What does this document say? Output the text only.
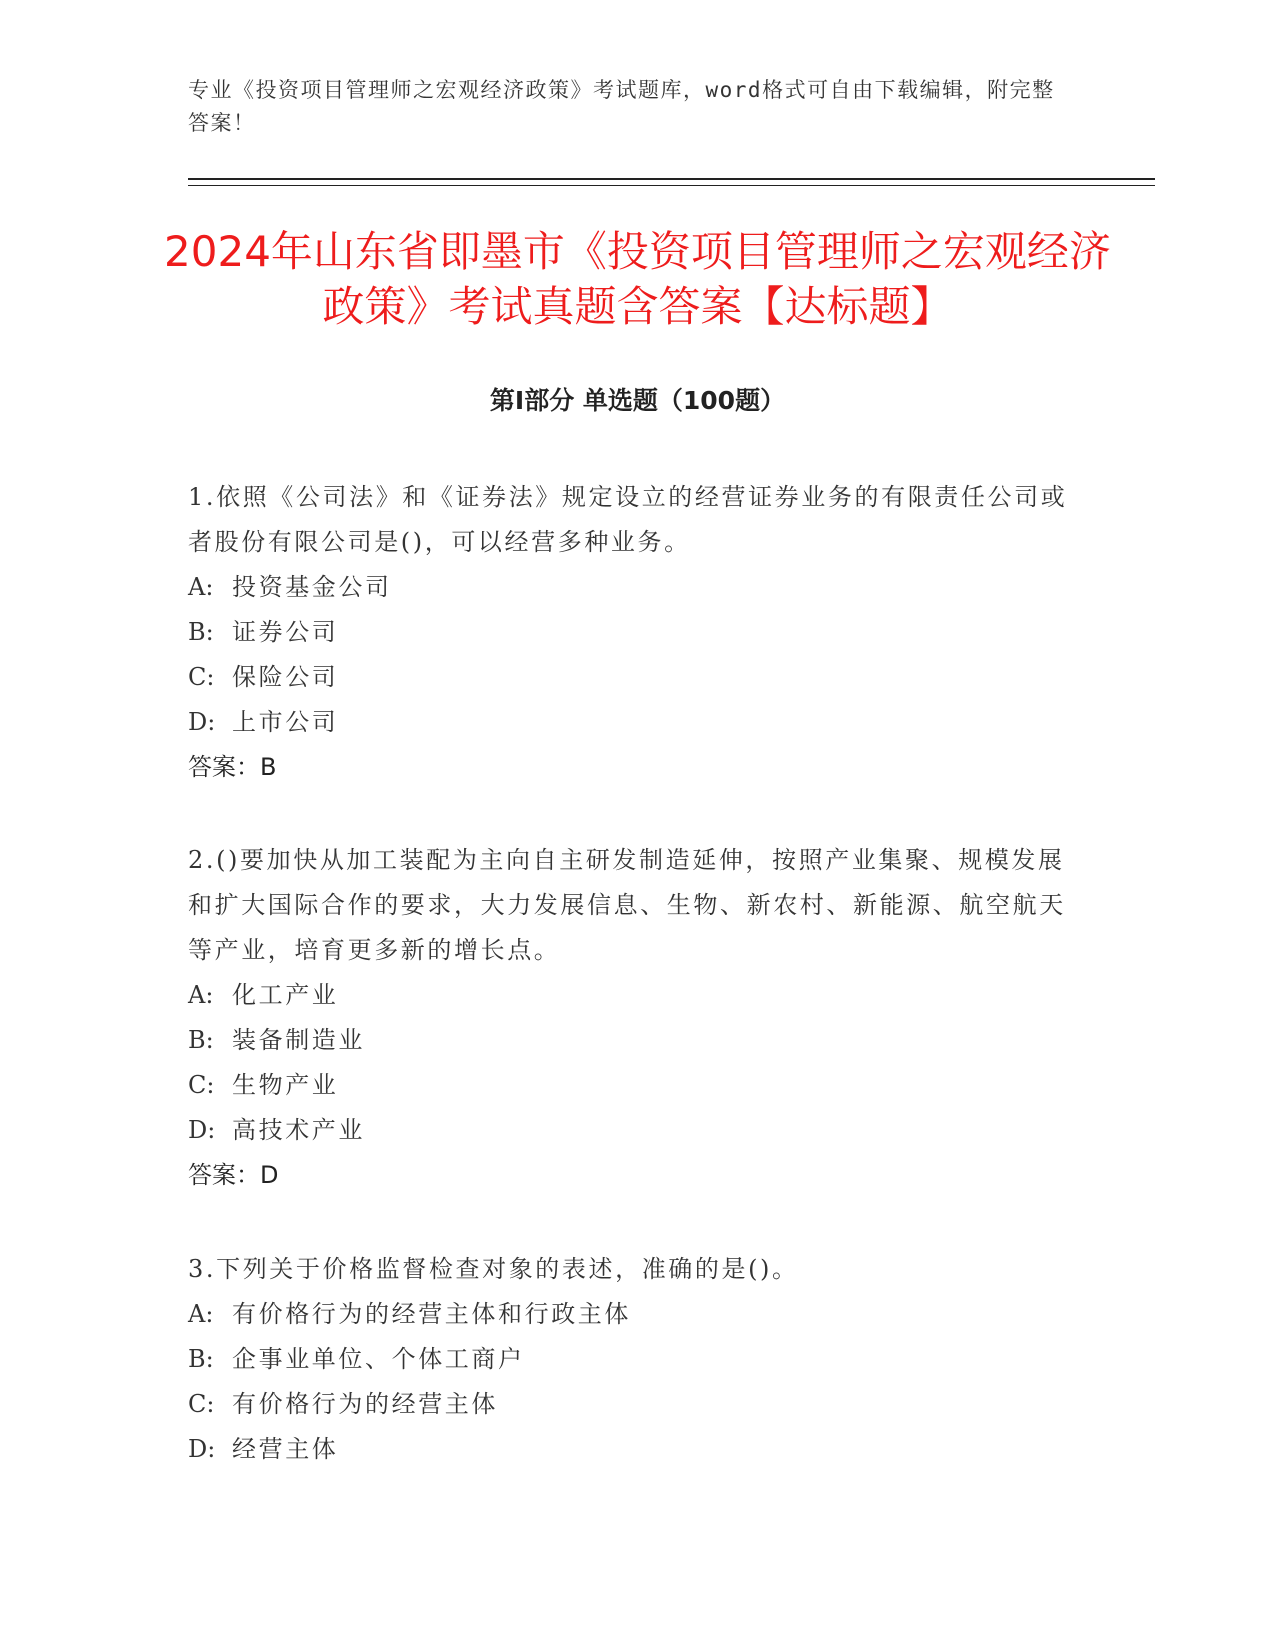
专业《投资项目管理师之宏观经济政策》考试题库，word格式可自由下载编辑，附完整答案！
2024年山东省即墨市《投资项目管理师之宏观经济政策》考试真题含答案【达标题】
第Ⅰ部分 单选题（100题）

1.依照《公司法》和《证券法》规定设立的经营证券业务的有限责任公司或者股份有限公司是()，可以经营多种业务。

A: 投资基金公司

B: 证券公司

C: 保险公司

D: 上市公司

答案：B

2.()要加快从加工装配为主向自主研发制造延伸，按照产业集聚、规模发展和扩大国际合作的要求，大力发展信息、生物、新农村、新能源、航空航天等产业，培育更多新的增长点。

A: 化工产业

B: 装备制造业

C: 生物产业

D: 高技术产业

答案：D

3.下列关于价格监督检查对象的表述，准确的是()。

A: 有价格行为的经营主体和行政主体

B: 企事业单位、个体工商户

C: 有价格行为的经营主体

D: 经营主体
